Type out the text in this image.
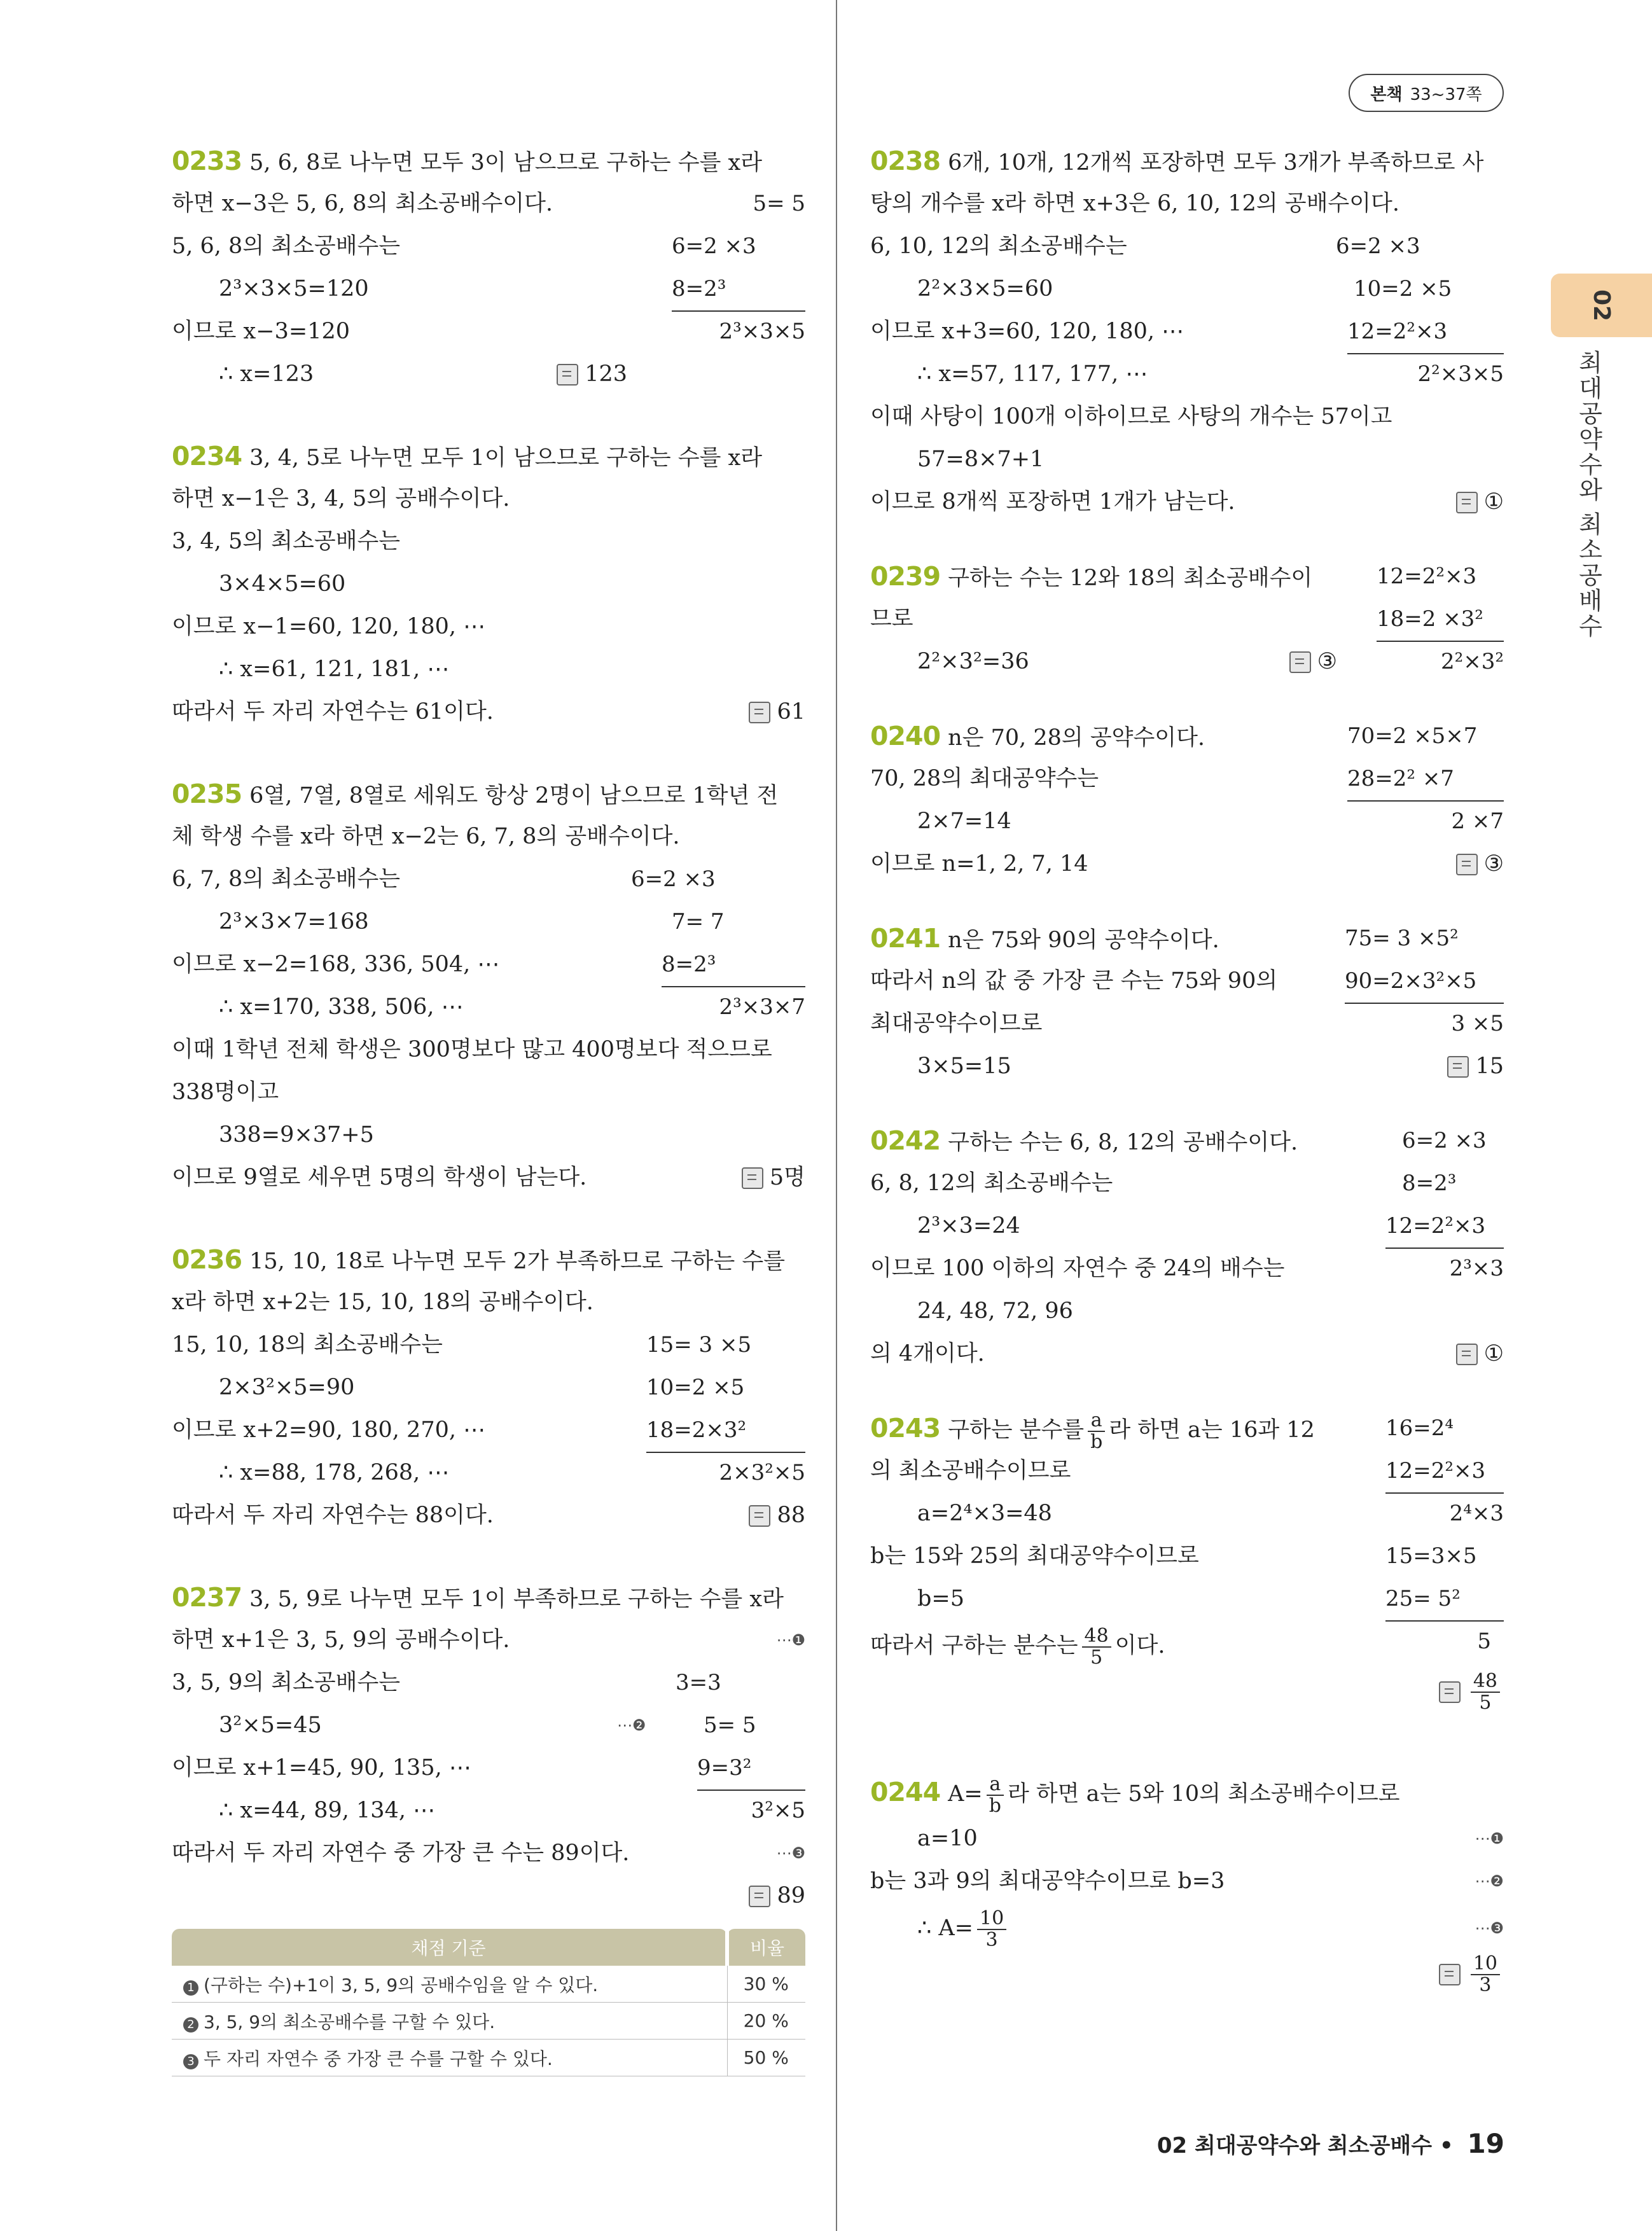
본책 33~37쪽
02
최대공약수와 최소공배수
0233 5, 6, 8로 나누면 모두 3이 남으므로 구하는 수를 x라
하면 x−3은 5, 6, 8의 최소공배수이다.
5, 6, 8의 최소공배수는
2³×3×5=120
이므로 x−3=120
∴ x=123	123
5= 5
6=2 ×3
8=2³
2³×3×5
0234 3, 4, 5로 나누면 모두 1이 남으므로 구하는 수를 x라
하면 x−1은 3, 4, 5의 공배수이다.
3, 4, 5의 최소공배수는
3×4×5=60
이므로 x−1=60, 120, 180, ⋯
∴ x=61, 121, 181, ⋯
따라서 두 자리 자연수는 61이다.	61
0235 6열, 7열, 8열로 세워도 항상 2명이 남으므로 1학년 전
체 학생 수를 x라 하면 x−2는 6, 7, 8의 공배수이다.
6, 7, 8의 최소공배수는
2³×3×7=168
이므로 x−2=168, 336, 504, ⋯
∴ x=170, 338, 506, ⋯
이때 1학년 전체 학생은 300명보다 많고 400명보다 적으므로
338명이고
338=9×37+5
이므로 9열로 세우면 5명의 학생이 남는다.	5명
6=2 ×3
7= 7
8=2³
2³×3×7
0236 15, 10, 18로 나누면 모두 2가 부족하므로 구하는 수를
x라 하면 x+2는 15, 10, 18의 공배수이다.
15, 10, 18의 최소공배수는
2×3²×5=90
이므로 x+2=90, 180, 270, ⋯
∴ x=88, 178, 268, ⋯
따라서 두 자리 자연수는 88이다.	88
15= 3 ×5
10=2 ×5
18=2×3²
2×3²×5
0237 3, 5, 9로 나누면 모두 1이 부족하므로 구하는 수를 x라
하면 x+1은 3, 5, 9의 공배수이다.	⋯❶
3, 5, 9의 최소공배수는
3²×5=45	⋯❷
이므로 x+1=45, 90, 135, ⋯
∴ x=44, 89, 134, ⋯
따라서 두 자리 자연수 중 가장 큰 수는 89이다.	⋯❸
89
3=3
5= 5
9=3²
3²×5
채점 기준	비율
1 (구하는 수)+1이 3, 5, 9의 공배수임을 알 수 있다.	30 %
2 3, 5, 9의 최소공배수를 구할 수 있다.	20 %
3 두 자리 자연수 중 가장 큰 수를 구할 수 있다.	50 %
0238 6개, 10개, 12개씩 포장하면 모두 3개가 부족하므로 사
탕의 개수를 x라 하면 x+3은 6, 10, 12의 공배수이다.
6, 10, 12의 최소공배수는
2²×3×5=60
이므로 x+3=60, 120, 180, ⋯
∴ x=57, 117, 177, ⋯
이때 사탕이 100개 이하이므로 사탕의 개수는 57이고
57=8×7+1
이므로 8개씩 포장하면 1개가 남는다.	①
6=2 ×3
10=2 ×5
12=2²×3
2²×3×5
0239 구하는 수는 12와 18의 최소공배수이
므로
2²×3²=36	③
12=2²×3
18=2 ×3²
2²×3²
0240 n은 70, 28의 공약수이다.
70, 28의 최대공약수는
2×7=14
이므로 n=1, 2, 7, 14	③
70=2 ×5×7
28=2² ×7
2 ×7
0241 n은 75와 90의 공약수이다.
따라서 n의 값 중 가장 큰 수는 75와 90의
최대공약수이므로
3×5=15	15
75= 3 ×5²
90=2×3²×5
3 ×5
0242 구하는 수는 6, 8, 12의 공배수이다.
6, 8, 12의 최소공배수는
2³×3=24
이므로 100 이하의 자연수 중 24의 배수는
24, 48, 72, 96
의 4개이다.	①
6=2 ×3
8=2³
12=2²×3
2³×3
0243 구하는 분수를 $\frac{a}{b}$ 라 하면 a는 16과 12
의 최소공배수이므로
a=2⁴×3=48
b는 15와 25의 최대공약수이므로
b=5
따라서 구하는 분수는 $\frac{48}{5}$ 이다.
$\frac{48}{5}$
16=2⁴
12=2²×3
2⁴×3
15=3×5
25= 5²
5
0244 $A= \frac{a}{b}$ 라 하면 a는 5와 10의 최소공배수이므로
a=10	⋯❶
b는 3과 9의 최대공약수이므로 b=3	⋯❷
∴ $A= \frac{10}{3}$	⋯❸
$\frac{10}{3}$
02 최대공약수와 최소공배수 • 19
